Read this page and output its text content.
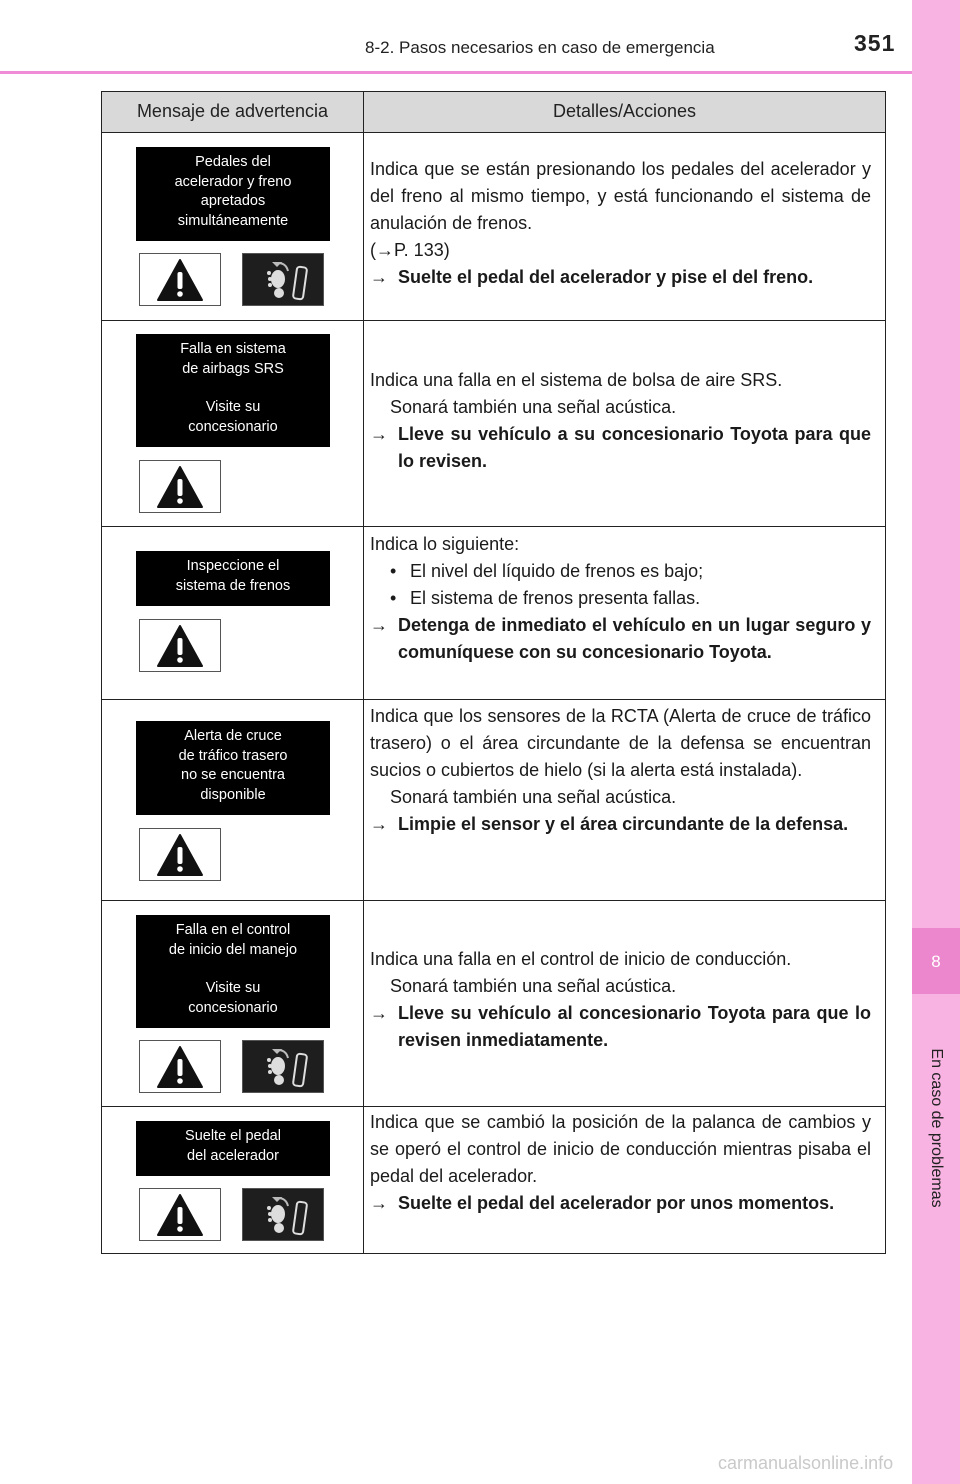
8
En caso de problemas
8-2. Pasos necesarios en caso de emergencia	351
Mensaje de advertencia	Detalles/Acciones
Pedales del
acelerador y freno
apretados
simultáneamente

Indica que se están presionando los pedales del acelerador y del freno al mismo tiempo, y está funcionando el sistema de anulación de frenos.

(→P. 133)

→ Suelte el pedal del acelerador y pise el del freno.
Falla en sistema
de airbags SRS
Visite su
concesionario

Indica una falla en el sistema de bolsa de aire SRS.

Sonará también una señal acústica.

→ Lleve su vehículo a su concesionario Toyota para que lo revisen.
Inspeccione el
sistema de frenos

Indica lo siguiente:

• El nivel del líquido de frenos es bajo;

• El sistema de frenos presenta fallas.

→ Detenga de inmediato el vehículo en un lugar seguro y comuníquese con su concesionario Toyota.
Alerta de cruce
de tráfico trasero
no se encuentra
disponible

Indica que los sensores de la RCTA (Alerta de cruce de tráfico trasero) o el área circundante de la defensa se encuentran sucios o cubiertos de hielo (si la alerta está instalada).

Sonará también una señal acústica.

→ Limpie el sensor y el área circundante de la defensa.
Falla en el control
de inicio del manejo
Visite su
concesionario

Indica una falla en el control de inicio de conducción.

Sonará también una señal acústica.

→ Lleve su vehículo al concesionario Toyota para que lo revisen inmediatamente.
Suelte el pedal
del acelerador

Indica que se cambió la posición de la palanca de cambios y se operó el control de inicio de conducción mientras pisaba el pedal del acelerador.

→ Suelte el pedal del acelerador por unos momentos.
carmanualsonline.info
